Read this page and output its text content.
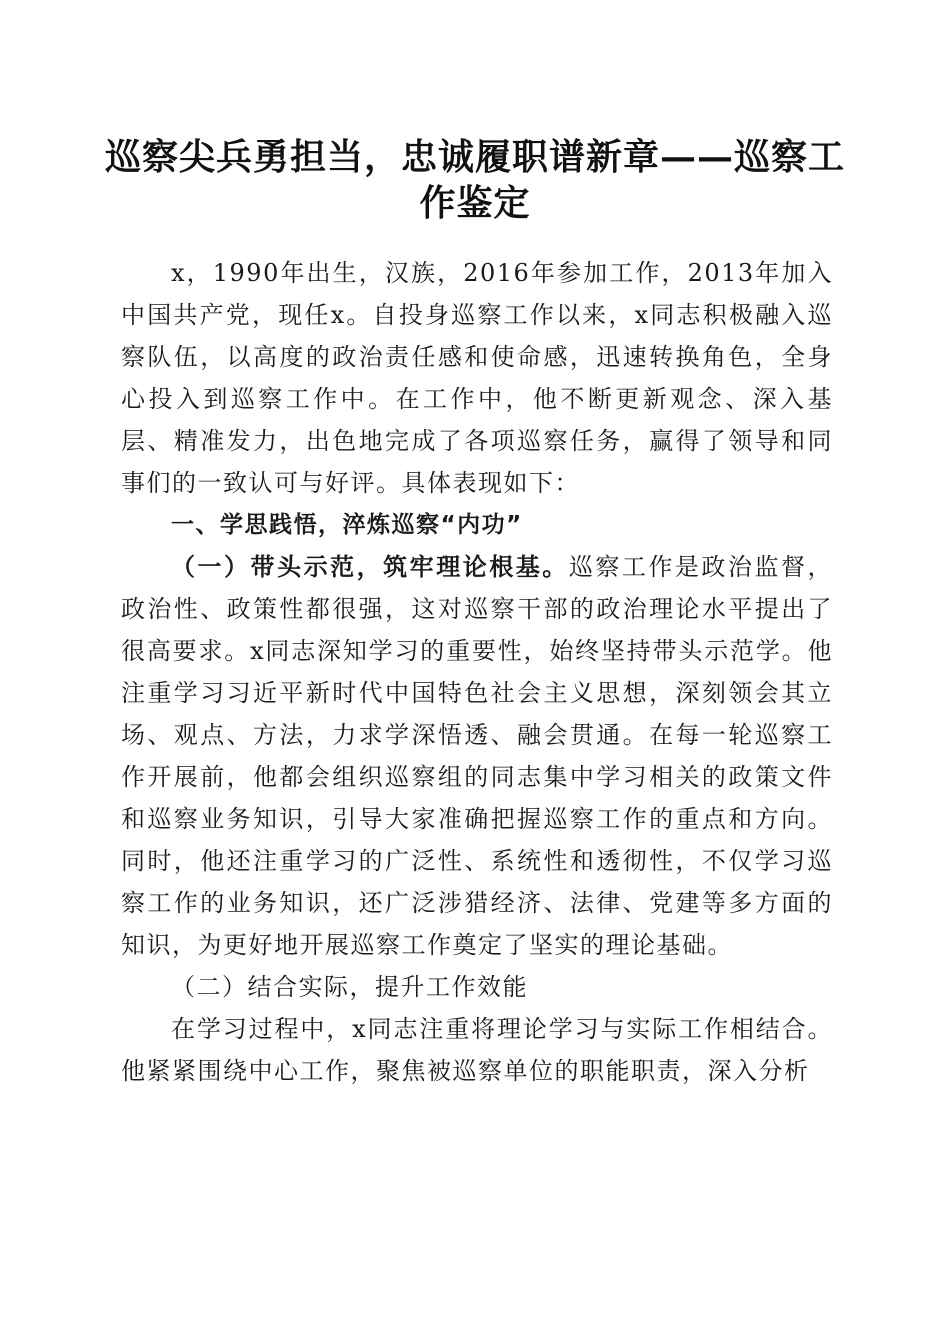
巡察尖兵勇担当，忠诚履职谱新章——巡察工作鉴定

x，1990年出生，汉族，2016年参加工作，2013年加入中国共产党，现任x。自投身巡察工作以来，x同志积极融入巡察队伍，以高度的政治责任感和使命感，迅速转换角色，全身心投入到巡察工作中。在工作中，他不断更新观念、深入基层、精准发力，出色地完成了各项巡察任务，赢得了领导和同事们的一致认可与好评。具体表现如下：

一、学思践悟，淬炼巡察“内功”

（一）带头示范，筑牢理论根基。巡察工作是政治监督，政治性、政策性都很强，这对巡察干部的政治理论水平提出了很高要求。x同志深知学习的重要性，始终坚持带头示范学。他注重学习习近平新时代中国特色社会主义思想，深刻领会其立场、观点、方法，力求学深悟透、融会贯通。在每一轮巡察工作开展前，他都会组织巡察组的同志集中学习相关的政策文件和巡察业务知识，引导大家准确把握巡察工作的重点和方向。同时，他还注重学习的广泛性、系统性和透彻性，不仅学习巡察工作的业务知识，还广泛涉猎经济、法律、党建等多方面的知识，为更好地开展巡察工作奠定了坚实的理论基础。

（二）结合实际，提升工作效能

在学习过程中，x同志注重将理论学习与实际工作相结合。他紧紧围绕中心工作，聚焦被巡察单位的职能职责，深入分析
